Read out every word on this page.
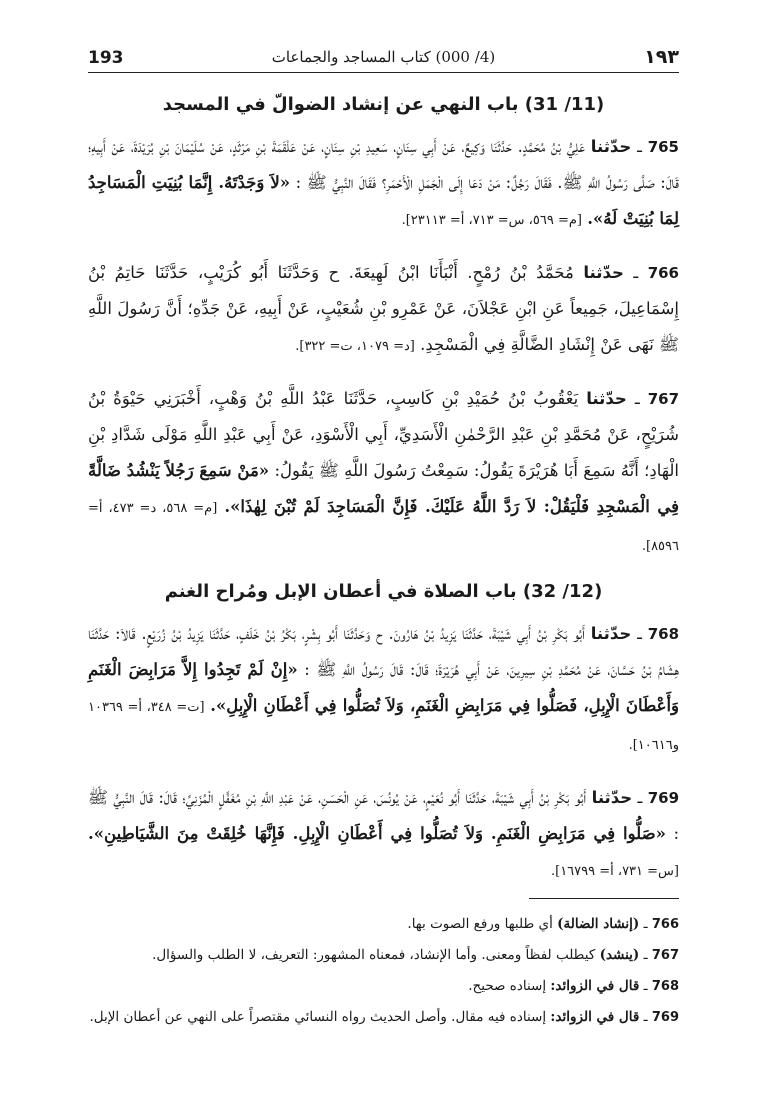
193	(4/ 000) كتاب المساجد والجماعات	١٩٣
(11/ 31) باب النهي عن إنشاد الضوالّ في المسجد

765 ـ حدّثنا عَلِيُّ بْنُ مُحَمَّدٍ. حَدَّثَنَا وَكِيعٌ، عَنْ أَبِي سِنَانٍ، سَعِيدِ بْنِ سِنَانٍ، عَنْ عَلْقَمَةَ بْنِ مَرْثَدٍ، عَنْ سُلَيْمَانَ بْنِ بُرَيْدَةَ، عَنْ أَبِيهِ؛ قَالَ: صَلَّى رَسُولُ اللَّهِ ﷺ. فَقَالَ رَجُلٌ: مَنْ دَعَا إِلَى الْجَمَلِ الْأَحْمَرِ؟ فَقَالَ النَّبِيُّ ﷺ : «لاَ وَجَدْتَهُ. إِنَّمَا بُنِيَتِ الْمَسَاجِدُ لِمَا بُنِيَتْ لَهُ». [م= ٥٦٩، س= ٧١٣، أ= ٢٣١١٣].

766 ـ حدّثنا مُحَمَّدُ بْنُ رُمْحٍ. أَنْبَأَنَا ابْنُ لَهِيعَةَ. ح وَحَدَّثَنَا أَبُو كُرَيْبٍ، حَدَّثَنَا حَاتِمُ بْنُ إِسْمَاعِيلَ، جَمِيعاً عَنِ ابْنِ عَجْلاَنَ، عَنْ عَمْرِو بْنِ شُعَيْبٍ، عَنْ أَبِيهِ، عَنْ جَدِّهِ؛ أَنَّ رَسُولَ اللَّهِ ﷺ نَهَى عَنْ إِنْشَادِ الضَّالَّةِ فِي الْمَسْجِدِ. [د= ١٠٧٩، ت= ٣٢٢].

767 ـ حدّثنا يَعْقُوبُ بْنُ حُمَيْدِ بْنِ كَاسِبٍ، حَدَّثَنَا عَبْدُ اللَّهِ بْنُ وَهْبٍ، أَخْبَرَنِي حَيْوَةُ بْنُ شُرَيْحٍ، عَنْ مُحَمَّدِ بْنِ عَبْدِ الرَّحْمٰنِ الْأَسَدِيِّ، أَبِي الْأَسْوَدِ، عَنْ أَبِي عَبْدِ اللَّهِ مَوْلَى شَدَّادِ بْنِ الْهَادِ؛ أَنَّهُ سَمِعَ أَبَا هُرَيْرَةَ يَقُولُ: سَمِعْتُ رَسُولَ اللَّهِ ﷺ يَقُولُ: «مَنْ سَمِعَ رَجُلاً يَنْشُدُ ضَالَّةً فِي الْمَسْجِدِ فَلْيَقُلْ: لاَ رَدَّ اللَّهُ عَلَيْكَ. فَإِنَّ الْمَسَاجِدَ لَمْ تُبْنَ لِهٰذَا». [م= ٥٦٨، د= ٤٧٣، أ= ٨٥٩٦].

(12/ 32) باب الصلاة في أعطان الإبل ومُراح الغنم

768 ـ حدّثنا أَبُو بَكْرِ بْنُ أَبِي شَيْبَةَ، حَدَّثَنَا يَزِيدُ بْنُ هَارُونَ. ح وَحَدَّثَنَا أَبُو بِشْرٍ، بَكْرُ بْنُ خَلَفٍ، حَدَّثَنَا يَزِيدُ بْنُ زُرَيْعٍ. قَالاَ: حَدَّثَنَا هِشَامُ بْنُ حَسَّانَ، عَنْ مُحَمَّدِ بْنِ سِيرِينَ، عَنْ أَبِي هُرَيْرَةَ؛ قَالَ: قَالَ رَسُولُ اللَّهِ ﷺ : «إِنْ لَمْ تَجِدُوا إِلاَّ مَرَابِضَ الْغَنَمِ وَأَعْطَانَ الْإِبِلِ، فَصَلُّوا فِي مَرَابِضِ الْغَنَمِ، وَلاَ تُصَلُّوا فِي أَعْطَانِ الْإِبِلِ». [ت= ٣٤٨، أ= ١٠٣٦٩ و١٠٦١٦].

769 ـ حدّثنا أَبُو بَكْرِ بْنُ أَبِي شَيْبَةَ، حَدَّثَنَا أَبُو نُعَيْمٍ، عَنْ يُونُسَ، عَنِ الْحَسَنِ، عَنْ عَبْدِ اللَّهِ بْنِ مُغَفَّلٍ الْمُزَنِيِّ؛ قَالَ: قَالَ النَّبِيُّ ﷺ : «صَلُّوا فِي مَرَابِضِ الْغَنَمِ. وَلاَ تُصَلُّوا فِي أَعْطَانِ الْإِبِلِ. فَإِنَّهَا خُلِقَتْ مِنَ الشَّيَاطِينِ». [س= ٧٣١، أ= ١٦٧٩٩].

766 ـ (إنشاد الضالة) أي طلبها ورفع الصوت بها.

767 ـ (ينشد) كيطلب لفظاً ومعنى. وأما الإنشاد، فمعناه المشهور: التعريف، لا الطلب والسؤال.

768 ـ قال في الزوائد: إسناده صحيح.

769 ـ قال في الزوائد: إسناده فيه مقال. وأصل الحديث رواه النسائي مقتصراً على النهي عن أعطان الإبل.
